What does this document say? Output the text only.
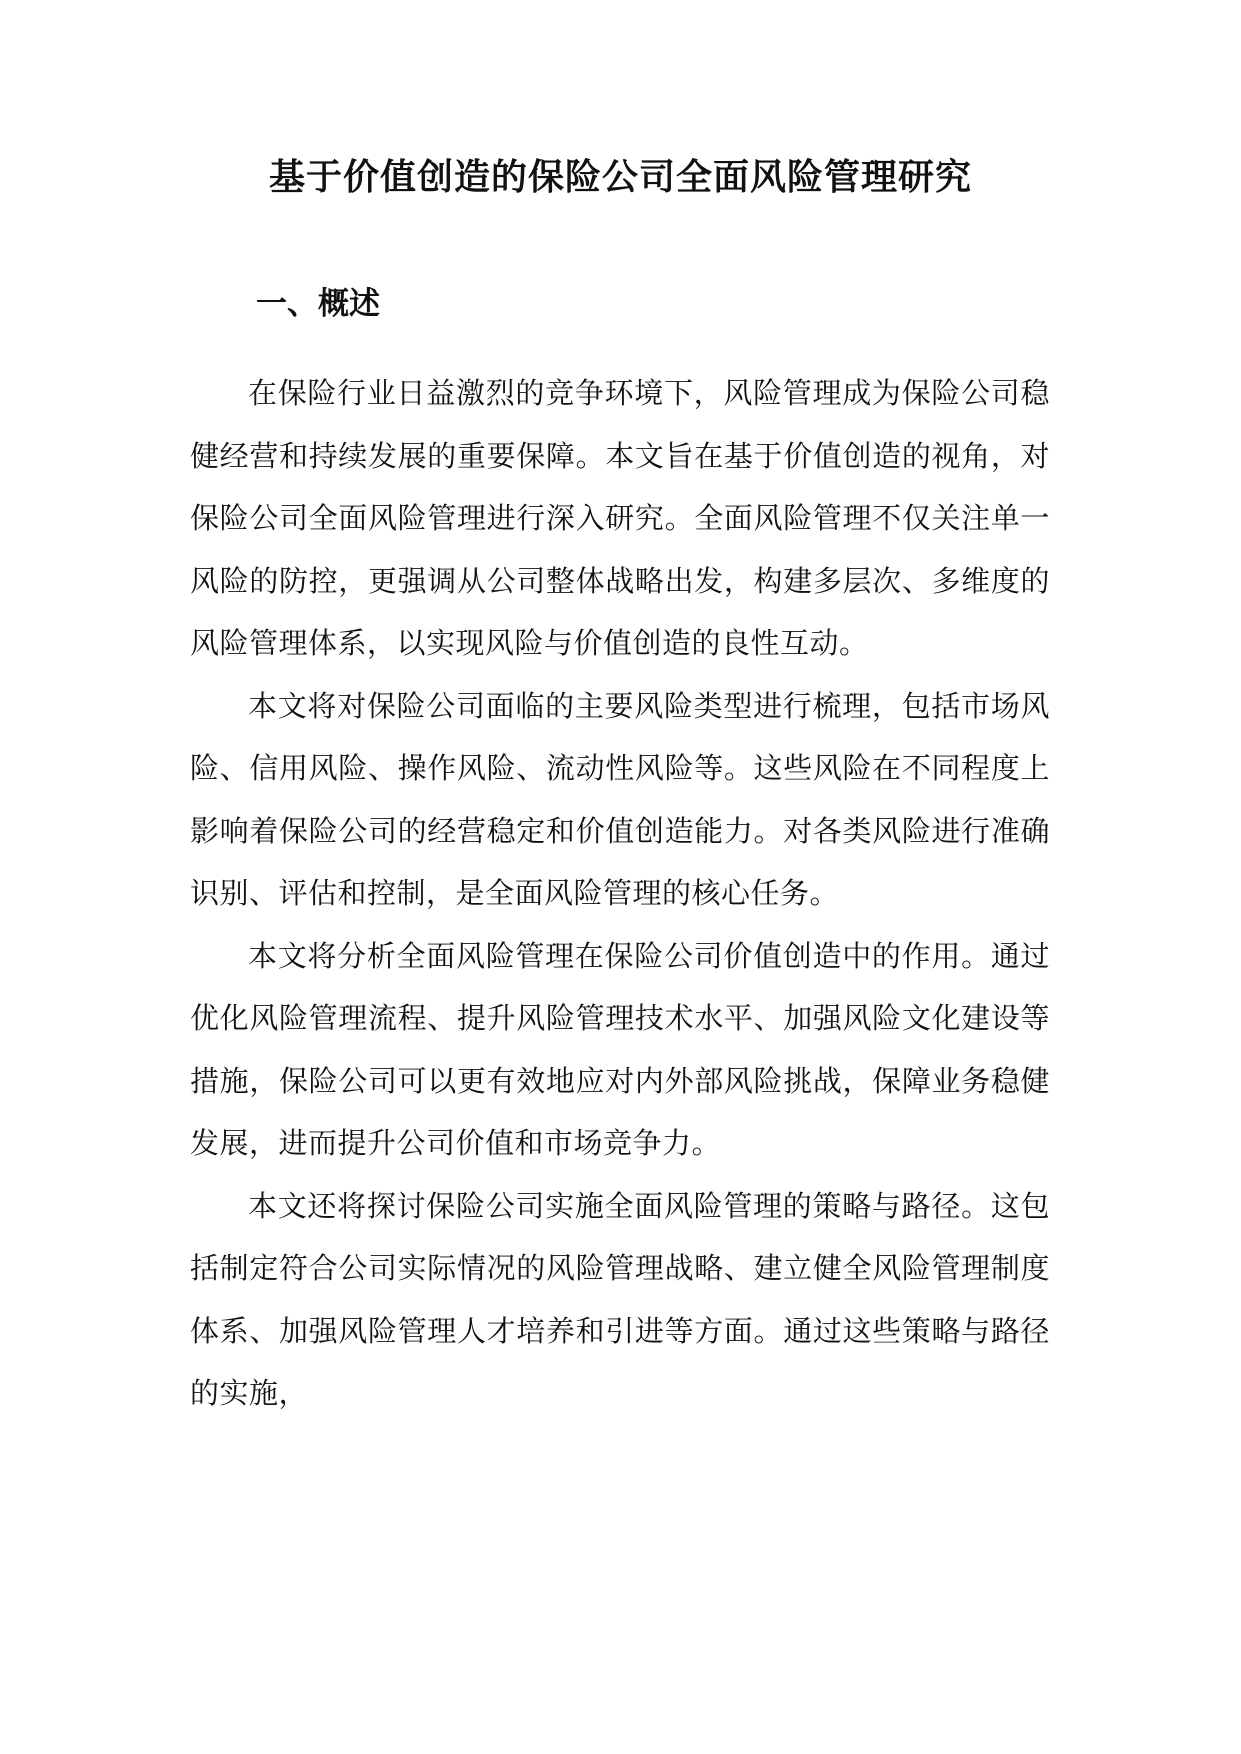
基于价值创造的保险公司全面风险管理研究
一、概述

在保险行业日益激烈的竞争环境下，风险管理成为保险公司稳健经营和持续发展的重要保障。本文旨在基于价值创造的视角，对保险公司全面风险管理进行深入研究。全面风险管理不仅关注单一风险的防控，更强调从公司整体战略出发，构建多层次、多维度的风险管理体系，以实现风险与价值创造的良性互动。

本文将对保险公司面临的主要风险类型进行梳理，包括市场风险、信用风险、操作风险、流动性风险等。这些风险在不同程度上影响着保险公司的经营稳定和价值创造能力。对各类风险进行准确识别、评估和控制，是全面风险管理的核心任务。

本文将分析全面风险管理在保险公司价值创造中的作用。通过优化风险管理流程、提升风险管理技术水平、加强风险文化建设等措施，保险公司可以更有效地应对内外部风险挑战，保障业务稳健发展，进而提升公司价值和市场竞争力。

本文还将探讨保险公司实施全面风险管理的策略与路径。这包括制定符合公司实际情况的风险管理战略、建立健全风险管理制度体系、加强风险管理人才培养和引进等方面。通过这些策略与路径的实施，
